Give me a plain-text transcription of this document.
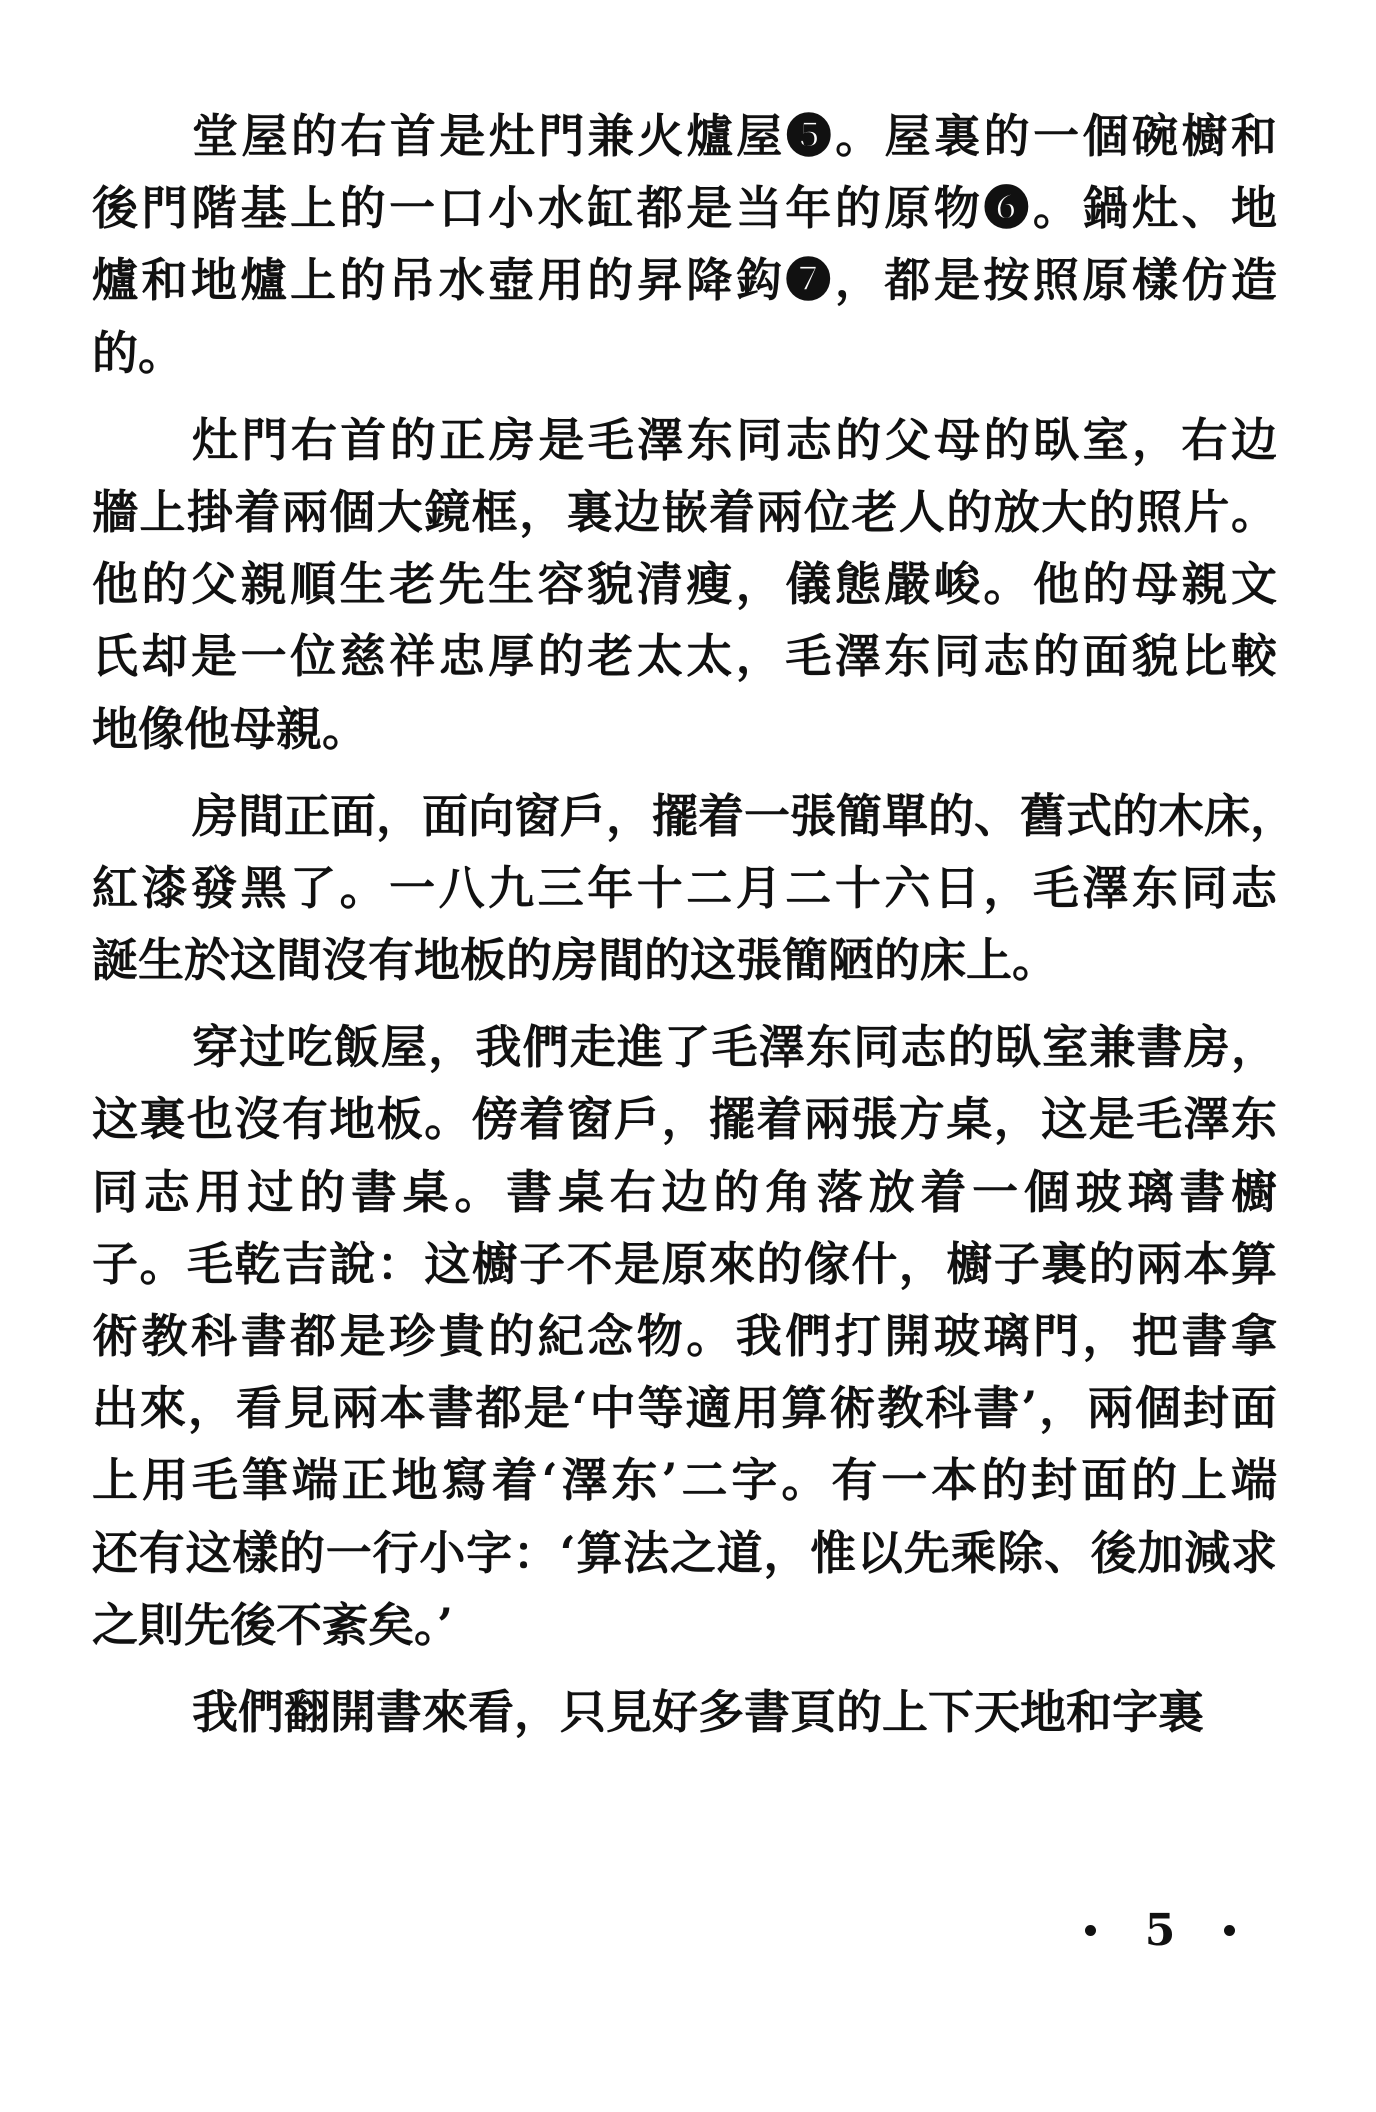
堂屋的右首是灶門兼火爐屋❺。屋裏的一個碗櫥和
後門階基上的一口小水缸都是当年的原物❻。鍋灶、地
爐和地爐上的吊水壺用的昇降鈎❼，都是按照原樣仿造
的。
灶門右首的正房是毛澤东同志的父母的臥室，右边
牆上掛着兩個大鏡框，裏边嵌着兩位老人的放大的照片。
他的父親順生老先生容貌清瘦，儀態嚴峻。他的母親文
氏却是一位慈祥忠厚的老太太，毛澤东同志的面貌比較
地像他母親。
房間正面，面向窗戶，擺着一張簡單的、舊式的木床，
紅漆發黑了。一八九三年十二月二十六日，毛澤东同志
誕生於这間沒有地板的房間的这張簡陋的床上。
穿过吃飯屋，我們走進了毛澤东同志的臥室兼書房，
这裏也沒有地板。傍着窗戶，擺着兩張方桌，这是毛澤东
同志用过的書桌。書桌右边的角落放着一個玻璃書櫥
子。毛乾吉說：这櫥子不是原來的傢什，櫥子裏的兩本算
術教科書都是珍貴的紀念物。我們打開玻璃門，把書拿
出來，看見兩本書都是‘中等適用算術教科書’，兩個封面
上用毛筆端正地寫着‘澤东’二字。有一本的封面的上端
还有这樣的一行小字：‘算法之道，惟以先乘除、後加減求
之則先後不紊矣。’
我們翻開書來看，只見好多書頁的上下天地和字裏
5
